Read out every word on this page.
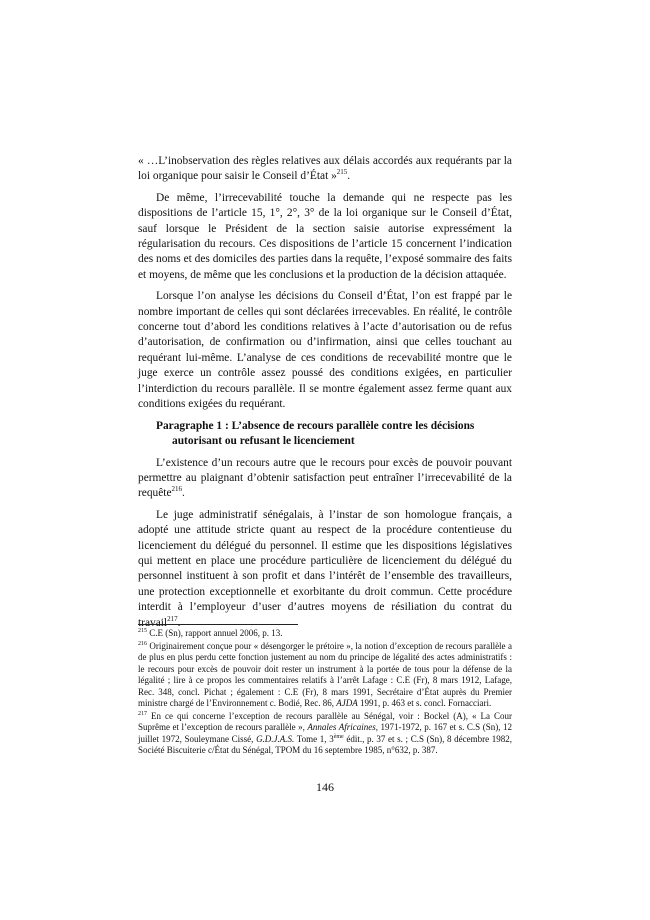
« …L’inobservation des règles relatives aux délais accordés aux requérants par la loi organique pour saisir le Conseil d’État »$^{215}$.

De même, l’irrecevabilité touche la demande qui ne respecte pas les dispositions de l’article 15, 1°, 2°, 3° de la loi organique sur le Conseil d’État, sauf lorsque le Président de la section saisie autorise expressément la régularisation du recours. Ces dispositions de l’article 15 concernent l’indication des noms et des domiciles des parties dans la requête, l’exposé sommaire des faits et moyens, de même que les conclusions et la production de la décision attaquée.

Lorsque l’on analyse les décisions du Conseil d’État, l’on est frappé par le nombre important de celles qui sont déclarées irrecevables. En réalité, le contrôle concerne tout d’abord les conditions relatives à l’acte d’autorisation ou de refus d’autorisation, de confirmation ou d’infirmation, ainsi que celles touchant au requérant lui-même. L’analyse de ces conditions de recevabilité montre que le juge exerce un contrôle assez poussé des conditions exigées, en particulier l’interdiction du recours parallèle. Il se montre également assez ferme quant aux conditions exigées du requérant.

Paragraphe 1 : L’absence de recours parallèle contre les décisions
autorisant ou refusant le licenciement

L’existence d’un recours autre que le recours pour excès de pouvoir pouvant permettre au plaignant d’obtenir satisfaction peut entraîner l’irrecevabilité de la requête$^{216}$.

Le juge administratif sénégalais, à l’instar de son homologue français, a adopté une attitude stricte quant au respect de la procédure contentieuse du licenciement du délégué du personnel. Il estime que les dispositions législatives qui mettent en place une procédure particulière de licenciement du délégué du personnel instituent à son profit et dans l’intérêt de l’ensemble des travailleurs, une protection exceptionnelle et exorbitante du droit commun. Cette procédure interdit à l’employeur d’user d’autres moyens de résiliation du contrat du travail$^{217}$.

$^{215}$ C.E (Sn), rapport annuel 2006, p. 13.

$^{216}$ Originairement conçue pour « désengorger le prétoire », la notion d’exception de recours parallèle a de plus en plus perdu cette fonction justement au nom du principe de légalité des actes administratifs : le recours pour excès de pouvoir doit rester un instrument à la portée de tous pour la défense de la légalité ; lire à ce propos les commentaires relatifs à l’arrêt Lafage : C.E (Fr), 8 mars 1912, Lafage, Rec. 348, concl. Pichat ; également : C.E (Fr), 8 mars 1991, Secrétaire d’État auprès du Premier ministre chargé de l’Environnement c. Bodié, Rec. 86, AJDA 1991, p. 463 et s. concl. Fornacciari.

$^{217}$ En ce qui concerne l’exception de recours parallèle au Sénégal, voir : Bockel (A), « La Cour Suprême et l’exception de recours parallèle », Annales Africaines, 1971-1972, p. 167 et s. C.S (Sn), 12 juillet 1972, Souleymane Cissé, G.D.J.A.S. Tome 1, 3ème édit., p. 37 et s. ; C.S (Sn), 8 décembre 1982, Société Biscuiterie c/État du Sénégal, TPOM du 16 septembre 1985, n°632, p. 387.

146
